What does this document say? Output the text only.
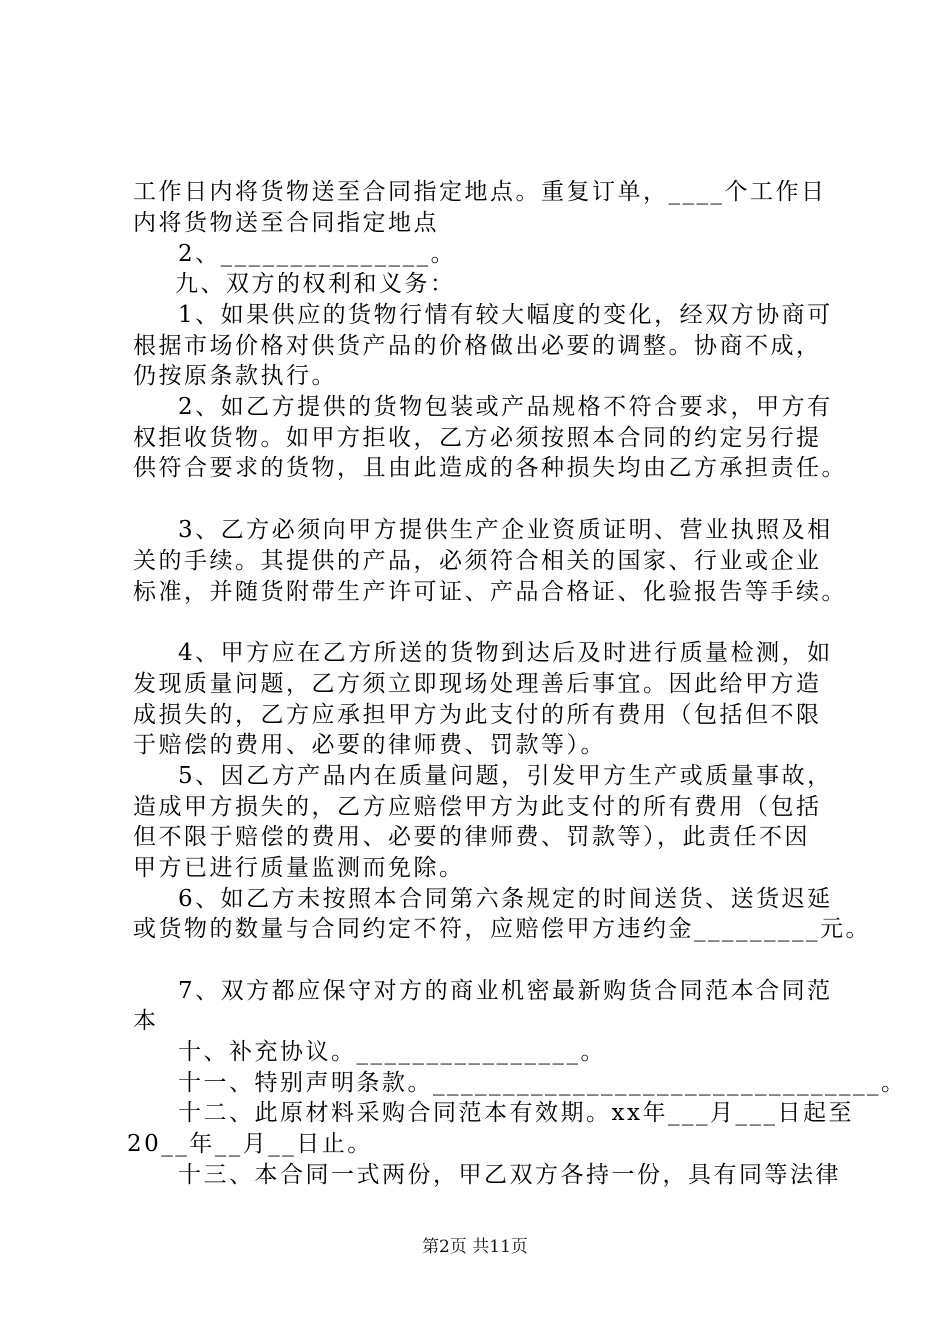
工作日内将货物送至合同指定地点。重复订单，____个工作日
内将货物送至合同指定地点
2、_______________。
九、双方的权利和义务：
1、如果供应的货物行情有较大幅度的变化，经双方协商可
根据市场价格对供货产品的价格做出必要的调整。协商不成，
仍按原条款执行。
2、如乙方提供的货物包装或产品规格不符合要求，甲方有
权拒收货物。如甲方拒收，乙方必须按照本合同的约定另行提
供符合要求的货物，且由此造成的各种损失均由乙方承担责任。
3、乙方必须向甲方提供生产企业资质证明、营业执照及相
关的手续。其提供的产品，必须符合相关的国家、行业或企业
标准，并随货附带生产许可证、产品合格证、化验报告等手续。
4、甲方应在乙方所送的货物到达后及时进行质量检测，如
发现质量问题，乙方须立即现场处理善后事宜。因此给甲方造
成损失的，乙方应承担甲方为此支付的所有费用（包括但不限
于赔偿的费用、必要的律师费、罚款等）。
5、因乙方产品内在质量问题，引发甲方生产或质量事故，
造成甲方损失的，乙方应赔偿甲方为此支付的所有费用（包括
但不限于赔偿的费用、必要的律师费、罚款等），此责任不因
甲方已进行质量监测而免除。
6、如乙方未按照本合同第六条规定的时间送货、送货迟延
或货物的数量与合同约定不符，应赔偿甲方违约金_________元。
7、双方都应保守对方的商业机密最新购货合同范本合同范
本
十、补充协议。________________。
十一、特别声明条款。________________________________。
十二、此原材料采购合同范本有效期。xx年___月___日起至
20__年__月__日止。
十三、本合同一式两份，甲乙双方各持一份，具有同等法律
第2页 共11页
